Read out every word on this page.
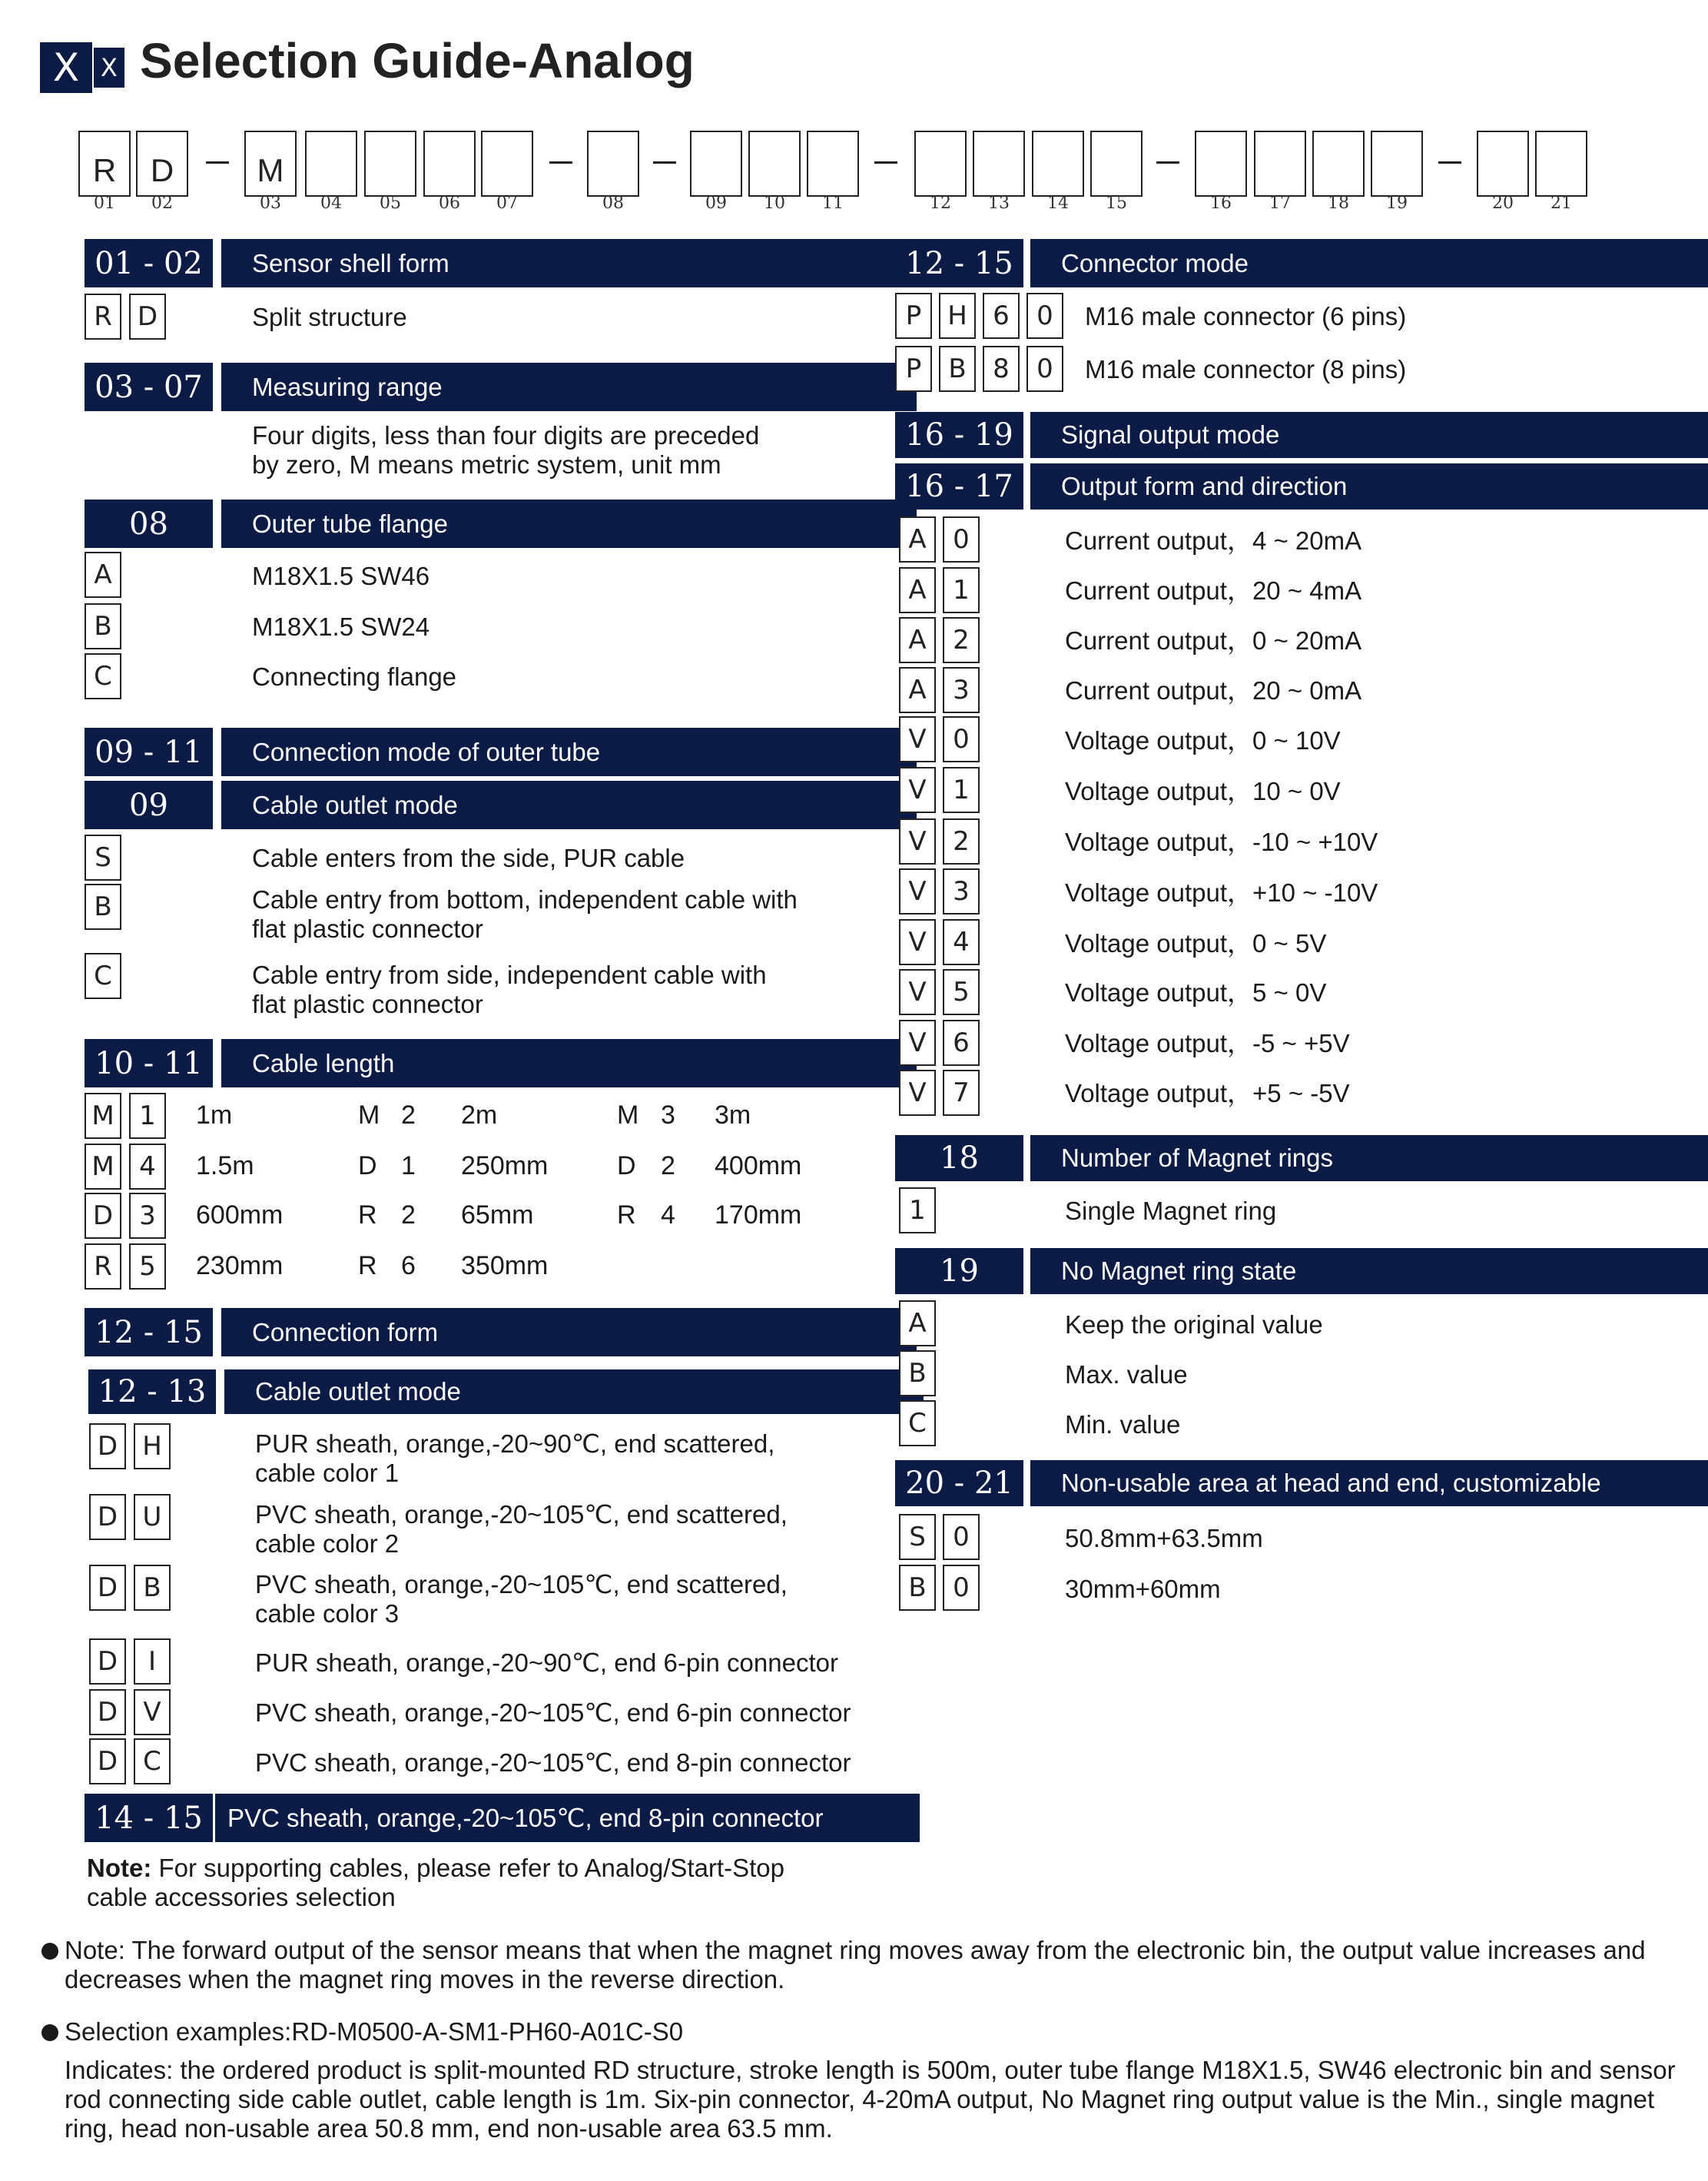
X X Selection Guide-Analog
R	D	M
01 02	03 04 05 06 07	08	09 10 11	12 13 14 15	16 17 18 19	20 21
01 - 02	Sensor shell form
R D	Split structure
03 - 07	Measuring range
Four digits, less than four digits are preceded
by zero, M means metric system, unit mm
08	Outer tube flange
A	M18X1.5 SW46
B	M18X1.5 SW24
C	Connecting flange
09 - 11	Connection mode of outer tube
09	Cable outlet mode
S	Cable enters from the side, PUR cable
B	Cable entry from bottom, independent cable with
flat plastic connector
C	Cable entry from side, independent cable with
flat plastic connector
10 - 11	Cable length
M 1	1m	M 2 2m	M 3 3m
M 4	1.5m	D 1 250mm	D 2 400mm
D	3	600mm	R 2 65mm	R 4 170mm
R	5	230mm	R 6 350mm
12 - 15	Connection form
12 - 13	Cable outlet mode
D H	PUR sheath, orange,-20~90℃, end scattered,
cable color 1
D U	PVC sheath, orange,-20~105℃, end scattered,
cable color 2
D B	PVC sheath, orange,-20~105℃, end scattered,
cable color 3
D	I	PUR sheath, orange,-20~90℃, end 6-pin connector
D V	PVC sheath, orange,-20~105℃, end 6-pin connector
D C	PVC sheath, orange,-20~105℃, end 8-pin connector
14 - 15 PVC sheath, orange,-20~105℃, end 8-pin connector
Note: For supporting cables, please refer to Analog/Start-Stop
cable accessories selection
12 - 15	Connector mode
P H 6	0	M16 male connector (6 pins)
P	B	8	0	M16 male connector (8 pins)
16 - 19	Signal output mode
16 - 17	Output form and direction
A	0	Current output，4 ~ 20mA
A	1	Current output，20 ~ 4mA
A	2	Current output，0 ~ 20mA
A	3	Current output，20 ~ 0mA
V	0	Voltage output，0 ~ 10V
V	1	Voltage output，10 ~ 0V
V	2	Voltage output，-10 ~ +10V
V	3	Voltage output，+10 ~ -10V
V	4	Voltage output，0 ~ 5V
V	5	Voltage output，5 ~ 0V
V	6	Voltage output，-5 ~ +5V
V	7	Voltage output，+5 ~ -5V
18	Number of Magnet rings
1	Single Magnet ring
19	No Magnet ring state
A	Keep the original value
B	Max. value
C	Min. value
20 - 21	Non-usable area at head and end, customizable
S	0	50.8mm+63.5mm
B	0	30mm+60mm
Note: The forward output of the sensor means that when the magnet ring moves away from the electronic bin, the output value increases and
decreases when the magnet ring moves in the reverse direction.
Selection examples:RD-M0500-A-SM1-PH60-A01C-S0
Indicates: the ordered product is split-mounted RD structure, stroke length is 500m, outer tube flange M18X1.5, SW46 electronic bin and sensor
rod connecting side cable outlet, cable length is 1m. Six-pin connector, 4-20mA output, No Magnet ring output value is the Min., single magnet
ring, head non-usable area 50.8 mm, end non-usable area 63.5 mm.
